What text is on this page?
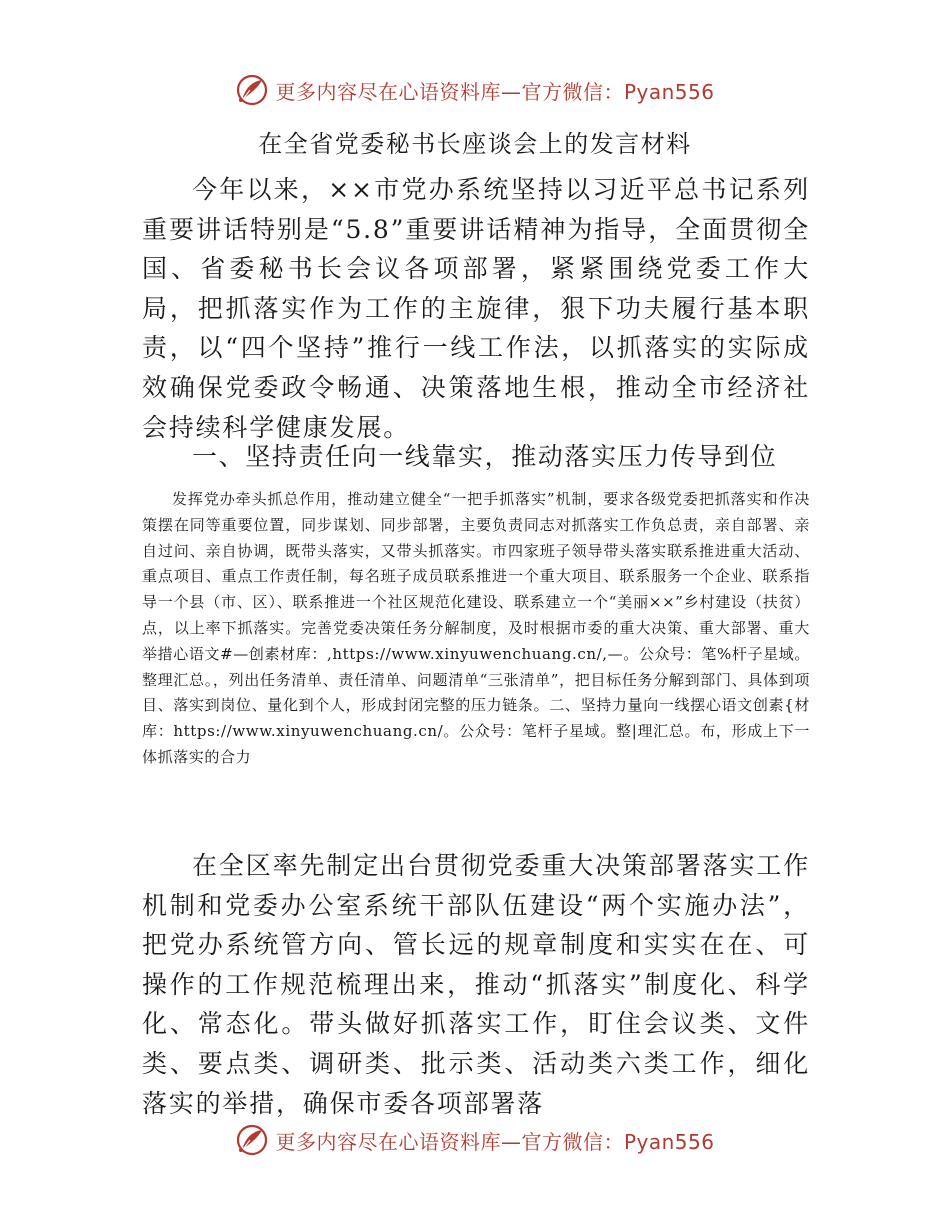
更多内容尽在心语资料库—官方微信：Pyan556
在全省党委秘书长座谈会上的发言材料

今年以来，××市党办系统坚持以习近平总书记系列重要讲话特别是“5.8”重要讲话精神为指导，全面贯彻全国、省委秘书长会议各项部署，紧紧围绕党委工作大局，把抓落实作为工作的主旋律，狠下功夫履行基本职责，以“四个坚持”推行一线工作法，以抓落实的实际成效确保党委政令畅通、决策落地生根，推动全市经济社会持续科学健康发展。

一、坚持责任向一线靠实，推动落实压力传导到位

发挥党办牵头抓总作用，推动建立健全“一把手抓落实”机制，要求各级党委把抓落实和作决策摆在同等重要位置，同步谋划、同步部署，主要负责同志对抓落实工作负总责，亲自部署、亲自过问、亲自协调，既带头落实，又带头抓落实。市四家班子领导带头落实联系推进重大活动、重点项目、重点工作责任制，每名班子成员联系推进一个重大项目、联系服务一个企业、联系指导一个县（市、区）、联系推进一个社区规范化建设、联系建立一个“美丽××”乡村建设（扶贫）点，以上率下抓落实。完善党委决策任务分解制度，及时根据市委的重大决策、重大部署、重大举措心语文#—创素材库：,https://www.xinyuwenchuang.cn/,—。公众号：笔%杆子星域。整理汇总。，列出任务清单、责任清单、问题清单“三张清单”，把目标任务分解到部门、具体到项目、落实到岗位、量化到个人，形成封闭完整的压力链条。二、坚持力量向一线摆心语文创素{材库：https://www.xinyuwenchuang.cn/。公众号：笔杆子星域。整|理汇总。布，形成上下一体抓落实的合力

在全区率先制定出台贯彻党委重大决策部署落实工作机制和党委办公室系统干部队伍建设“两个实施办法”，把党办系统管方向、管长远的规章制度和实实在在、可操作的工作规范梳理出来，推动“抓落实”制度化、科学化、常态化。带头做好抓落实工作，盯住会议类、文件类、要点类、调研类、批示类、活动类六类工作，细化落实的举措，确保市委各项部署落

更多内容尽在心语资料库—官方微信：Pyan556
